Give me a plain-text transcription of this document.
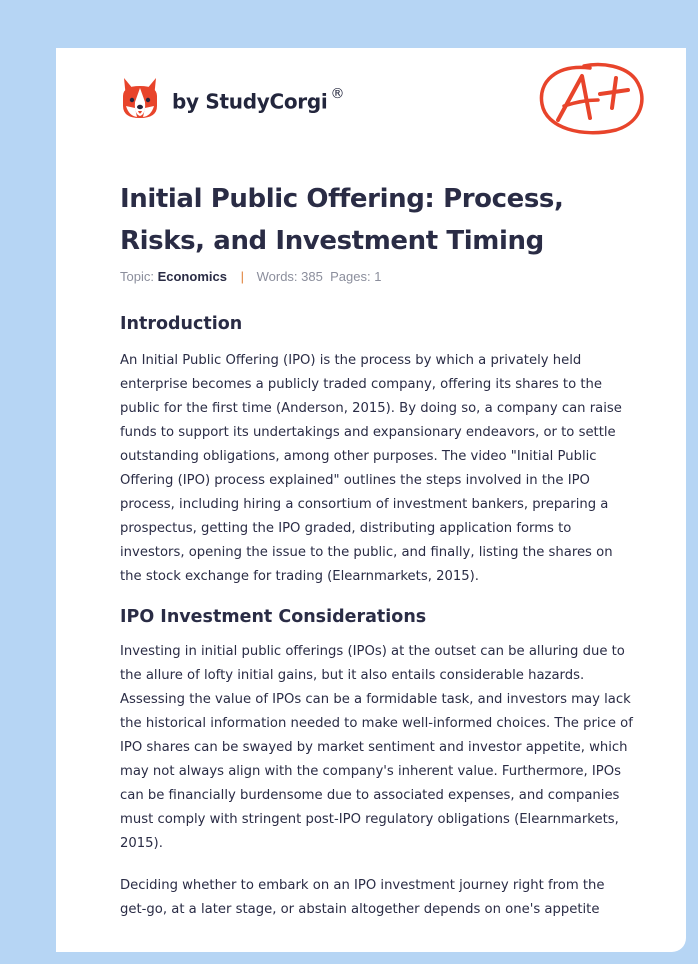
by StudyCorgi ®
Initial Public Offering: Process, Risks, and Investment Timing
Topic: Economics | Words: 385 Pages: 1
Introduction

An Initial Public Offering (IPO) is the process by which a privately held enterprise becomes a publicly traded company, offering its shares to the public for the first time (Anderson, 2015). By doing so, a company can raise funds to support its undertakings and expansionary endeavors, or to settle outstanding obligations, among other purposes. The video "Initial Public Offering (IPO) process explained" outlines the steps involved in the IPO process, including hiring a consortium of investment bankers, preparing a prospectus, getting the IPO graded, distributing application forms to investors, opening the issue to the public, and finally, listing the shares on the stock exchange for trading (Elearnmarkets, 2015).

IPO Investment Considerations

Investing in initial public offerings (IPOs) at the outset can be alluring due to the allure of lofty initial gains, but it also entails considerable hazards. Assessing the value of IPOs can be a formidable task, and investors may lack the historical information needed to make well-informed choices. The price of IPO shares can be swayed by market sentiment and investor appetite, which may not always align with the company's inherent value. Furthermore, IPOs can be financially burdensome due to associated expenses, and companies must comply with stringent post-IPO regulatory obligations (Elearnmarkets, 2015).

Deciding whether to embark on an IPO investment journey right from the get-go, at a later stage, or abstain altogether depends on one's appetite
